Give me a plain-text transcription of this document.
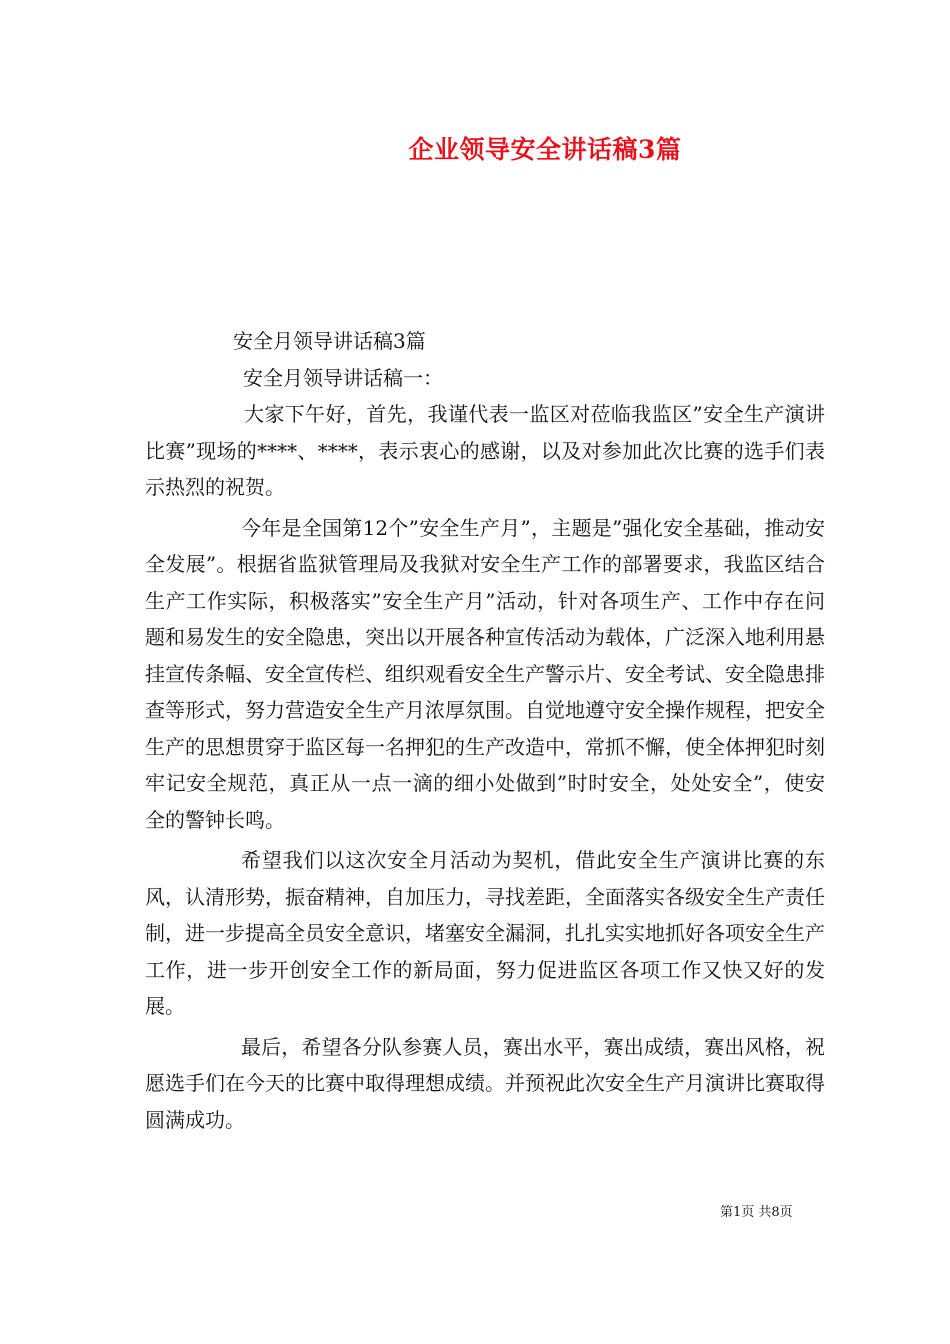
企业领导安全讲话稿3篇

安全月领导讲话稿3篇

安全月领导讲话稿一：

大家下午好，首先，我谨代表一监区对莅临我监区”安全生产演讲比赛”现场的****、****，表示衷心的感谢，以及对参加此次比赛的选手们表示热烈的祝贺。

今年是全国第12个”安全生产月”，主题是”强化安全基础，推动安全发展”。根据省监狱管理局及我狱对安全生产工作的部署要求，我监区结合生产工作实际，积极落实”安全生产月”活动，针对各项生产、工作中存在问题和易发生的安全隐患，突出以开展各种宣传活动为载体，广泛深入地利用悬挂宣传条幅、安全宣传栏、组织观看安全生产警示片、安全考试、安全隐患排查等形式，努力营造安全生产月浓厚氛围。自觉地遵守安全操作规程，把安全生产的思想贯穿于监区每一名押犯的生产改造中，常抓不懈，使全体押犯时刻牢记安全规范，真正从一点一滴的细小处做到”时时安全，处处安全”，使安全的警钟长鸣。

希望我们以这次安全月活动为契机，借此安全生产演讲比赛的东风，认清形势，振奋精神，自加压力，寻找差距，全面落实各级安全生产责任制，进一步提高全员安全意识，堵塞安全漏洞，扎扎实实地抓好各项安全生产工作，进一步开创安全工作的新局面，努力促进监区各项工作又快又好的发展。

最后，希望各分队参赛人员，赛出水平，赛出成绩，赛出风格，祝愿选手们在今天的比赛中取得理想成绩。并预祝此次安全生产月演讲比赛取得圆满成功。

第1页 共8页
